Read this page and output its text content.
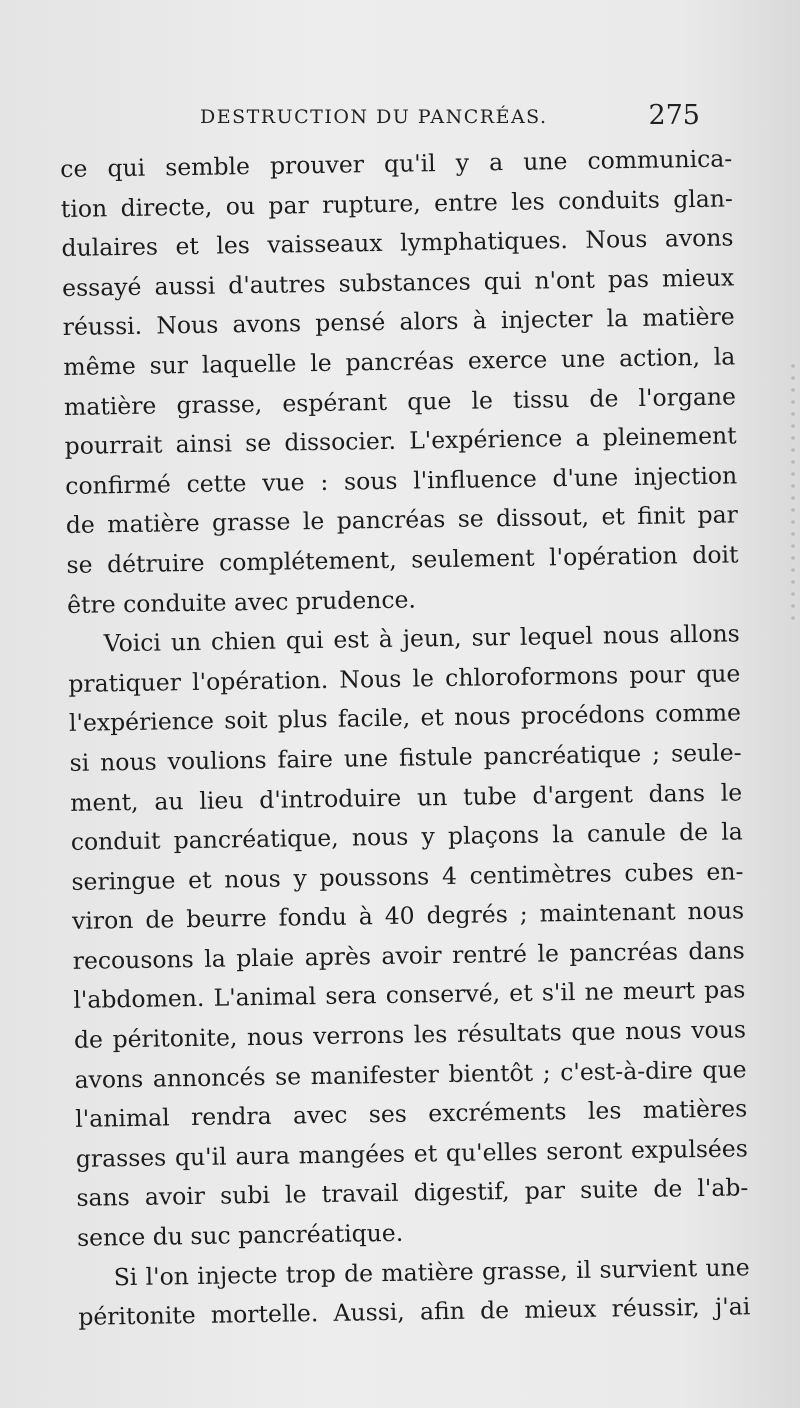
DESTRUCTION DU PANCRÉAS.	275

ce qui semble prouver qu'il y a une communica-
tion directe, ou par rupture, entre les conduits glan-
dulaires et les vaisseaux lymphatiques. Nous avons
essayé aussi d'autres substances qui n'ont pas mieux
réussi. Nous avons pensé alors à injecter la matière
même sur laquelle le pancréas exerce une action, la
matière grasse, espérant que le tissu de l'organe
pourrait ainsi se dissocier. L'expérience a pleinement
confirmé cette vue : sous l'influence d'une injection
de matière grasse le pancréas se dissout, et finit par
se détruire complétement, seulement l'opération doit
être conduite avec prudence.

Voici un chien qui est à jeun, sur lequel nous allons
pratiquer l'opération. Nous le chloroformons pour que
l'expérience soit plus facile, et nous procédons comme
si nous voulions faire une fistule pancréatique ; seule-
ment, au lieu d'introduire un tube d'argent dans le
conduit pancréatique, nous y plaçons la canule de la
seringue et nous y poussons 4 centimètres cubes en-
viron de beurre fondu à 40 degrés ; maintenant nous
recousons la plaie après avoir rentré le pancréas dans
l'abdomen. L'animal sera conservé, et s'il ne meurt pas
de péritonite, nous verrons les résultats que nous vous
avons annoncés se manifester bientôt ; c'est-à-dire que
l'animal rendra avec ses excréments les matières
grasses qu'il aura mangées et qu'elles seront expulsées
sans avoir subi le travail digestif, par suite de l'ab-
sence du suc pancréatique.

Si l'on injecte trop de matière grasse, il survient une
péritonite mortelle. Aussi, afin de mieux réussir, j'ai
